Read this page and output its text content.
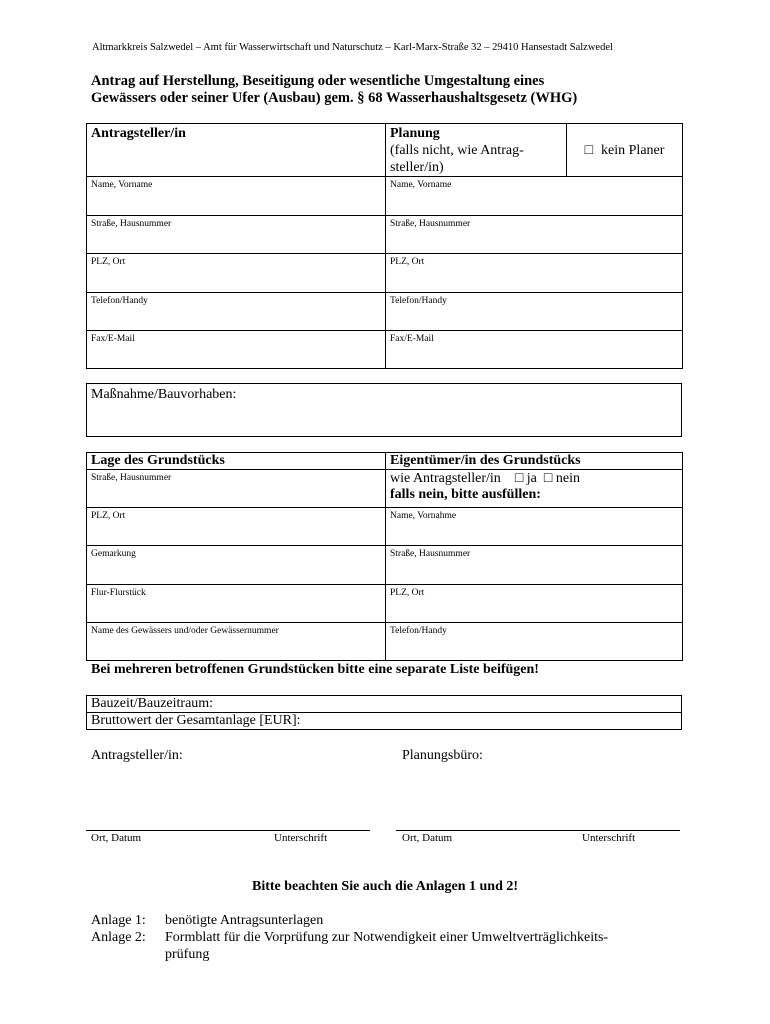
Altmarkkreis Salzwedel – Amt für Wasserwirtschaft und Naturschutz – Karl-Marx-Straße 32 – 29410 Hansestadt Salzwedel
Antrag auf Herstellung, Beseitigung oder wesentliche Umgestaltung eines
Gewässers oder seiner Ufer (Ausbau) gem. § 68 Wasserhaushaltsgesetz (WHG)
Antragsteller/in	Planung
(falls nicht, wie Antrag-
steller/in)	□ kein Planer

Name, Vorname	Name, Vorname	

Straße, Hausnummer	Straße, Hausnummer	

PLZ, Ort	PLZ, Ort	

Telefon/Handy	Telefon/Handy	

Fax/E-Mail	Fax/E-Mail	
Maßnahme/Bauvorhaben:
Lage des Grundstücks	Eigentümer/in des Grundstücks

Straße, Hausnummer	wie Antragsteller/in □ ja □ nein
falls nein, bitte ausfüllen:

PLZ, Ort	Name, Vornahme

Gemarkung	Straße, Hausnummer

Flur-Flurstück	PLZ, Ort

Name des Gewässers und/oder Gewässernummer	Telefon/Handy
Bei mehreren betroffenen Grundstücken bitte eine separate Liste beifügen!
Bauzeit/Bauzeitraum:

Bruttowert der Gesamtanlage [EUR]:
Antragsteller/in:	Planungsbüro:
Ort, Datum	Unterschrift	Ort, Datum	Unterschrift
Bitte beachten Sie auch die Anlagen 1 und 2!
Anlage 1: benötigte Antragsunterlagen
Anlage 2: Formblatt für die Vorprüfung zur Notwendigkeit einer Umweltverträglichkeits-
prüfung
